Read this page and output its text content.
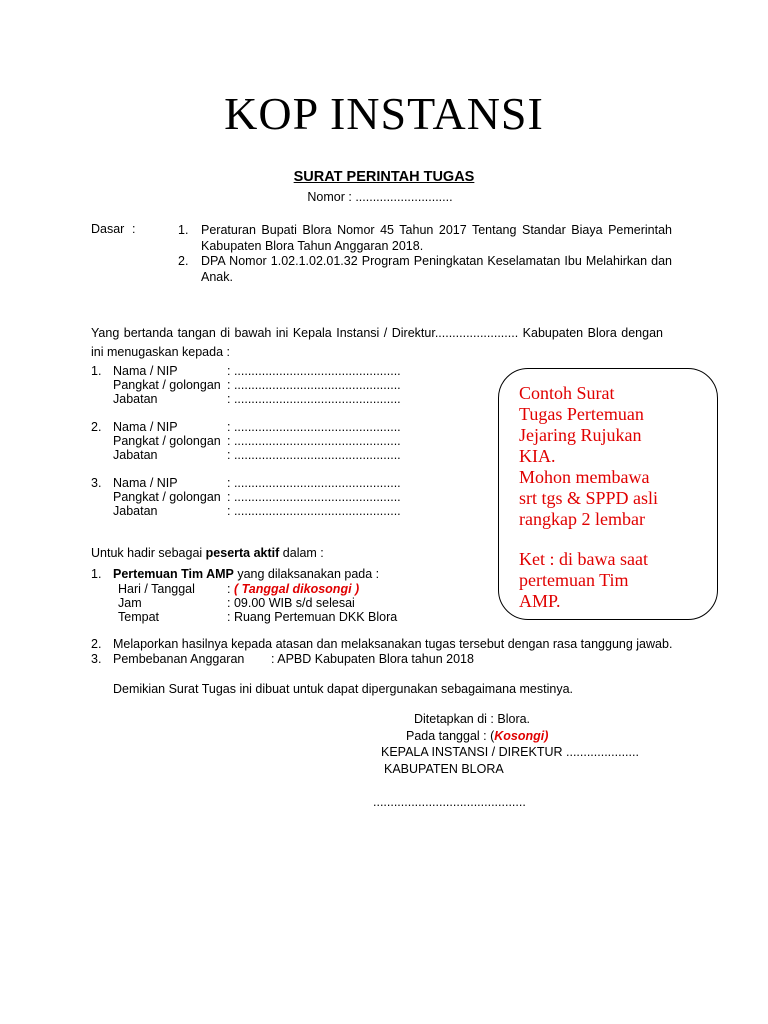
KOP INSTANSI
SURAT PERINTAH TUGAS
Nomor : ............................
Dasar :	1. Peraturan Bupati Blora Nomor 45 Tahun 2017 Tentang Standar Biaya Pemerintah Kabupaten Blora Tahun Anggaran 2018.
2. DPA Nomor 1.02.1.02.01.32 Program Peningkatan Keselamatan Ibu Melahirkan dan Anak.
Yang bertanda tangan di bawah ini Kepala Instansi / Direktur........................ Kabupaten Blora dengan ini menugaskan kepada :
1. Nama / NIP	: ................................................
Pangkat / golongan : ................................................
Jabatan	: ................................................
2. Nama / NIP	: ................................................
Pangkat / golongan : ................................................
Jabatan	: ................................................
3. Nama / NIP	: ................................................
Pangkat / golongan : ................................................
Jabatan	: ................................................
Untuk hadir sebagai peserta aktif dalam :
1. Pertemuan Tim AMP yang dilaksanakan pada :
Hari / Tanggal	: ( Tanggal dikosongi )
Jam	: 09.00 WIB s/d selesai
Tempat	: Ruang Pertemuan DKK Blora
2. Melaporkan hasilnya kepada atasan dan melaksanakan tugas tersebut dengan rasa tanggung jawab.
3. Pembebanan Anggaran : APBD Kabupaten Blora tahun 2018
Demikian Surat Tugas ini dibuat untuk dapat dipergunakan sebagaimana mestinya.
Ditetapkan di : Blora.
Pada tanggal : (Kosongi)
KEPALA INSTANSI / DIREKTUR .....................
KABUPATEN BLORA
............................................

Contoh Surat
Tugas Pertemuan
Jejaring Rujukan
KIA.
Mohon membawa
srt tgs & SPPD asli
rangkap 2 lembar

Ket : di bawa saat
pertemuan Tim
AMP.
